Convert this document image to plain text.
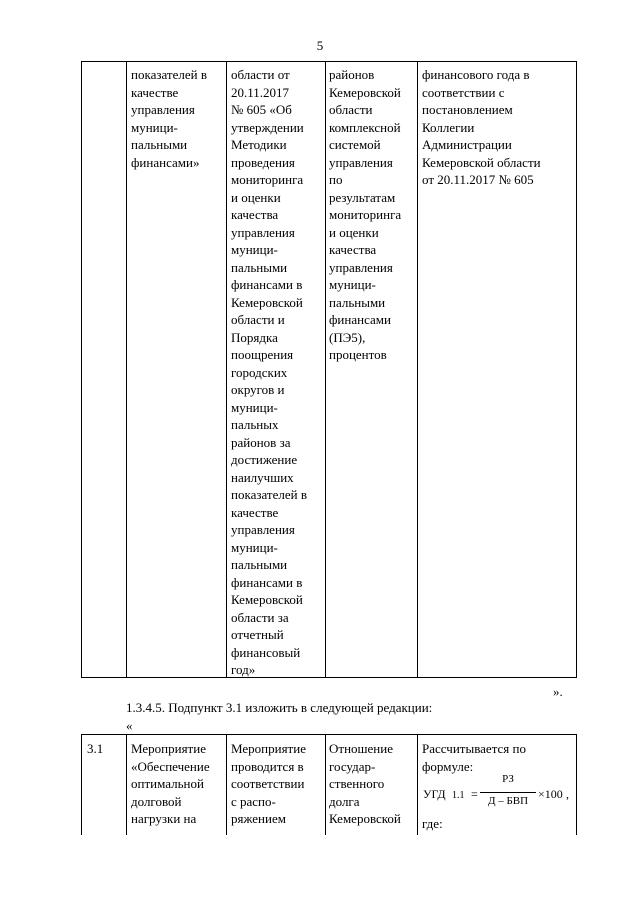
5
показателей в
качестве
управления
муници-
пальными
финансами»
области от
20.11.2017
№ 605 «Об
утверждении
Методики
проведения
мониторинга
и оценки
качества
управления
муници-
пальными
финансами в
Кемеровской
области и
Порядка
поощрения
городских
округов и
муници-
пальных
районов за
достижение
наилучших
показателей в
качестве
управления
муници-
пальными
финансами в
Кемеровской
области за
отчетный
финансовый
год»
районов
Кемеровской
области
комплексной
системой
управления
по
результатам
мониторинга
и оценки
качества
управления
муници-
пальными
финансами
(ПЭ5),
процентов
финансового года в
соответствии с
постановлением
Коллегии
Администрации
Кемеровской области
от 20.11.2017 № 605
».
1.3.4.5. Подпункт 3.1 изложить в следующей редакции:
«
3.1 Мероприятие
«Обеспечение
оптимальной
долговой
нагрузки на
Мероприятие
проводится в
соответствии
с распо-
ряжением
Отношение
государ-
ственного
долга
Кемеровской
Рассчитывается по
формуле:
УГД 1.1 =
РЗ
Д – БВП ×100 ,
где:
